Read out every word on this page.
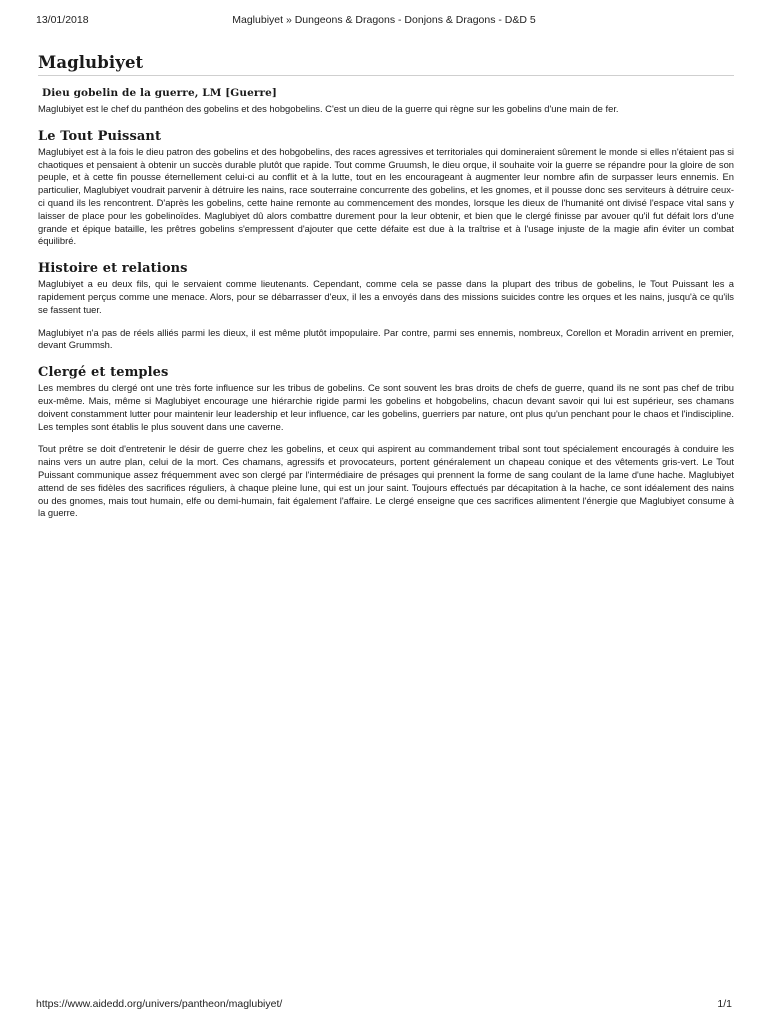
13/01/2018	Maglubiyet » Dungeons & Dragons - Donjons & Dragons - D&D 5
Maglubiyet
Dieu gobelin de la guerre, LM [Guerre]

Maglubiyet est le chef du panthéon des gobelins et des hobgobelins. C'est un dieu de la guerre qui règne sur les gobelins d'une main de fer.

Le Tout Puissant

Maglubiyet est à la fois le dieu patron des gobelins et des hobgobelins, des races agressives et territoriales qui domineraient sûrement le monde si elles n'étaient pas si chaotiques et pensaient à obtenir un succès durable plutôt que rapide. Tout comme Gruumsh, le dieu orque, il souhaite voir la guerre se répandre pour la gloire de son peuple, et à cette fin pousse éternellement celui-ci au conflit et à la lutte, tout en les encourageant à augmenter leur nombre afin de surpasser leurs ennemis. En particulier, Maglubiyet voudrait parvenir à détruire les nains, race souterraine concurrente des gobelins, et les gnomes, et il pousse donc ses serviteurs à détruire ceux-ci quand ils les rencontrent. D'après les gobelins, cette haine remonte au commencement des mondes, lorsque les dieux de l'humanité ont divisé l'espace vital sans y laisser de place pour les gobelinoïdes. Maglubiyet dû alors combattre durement pour la leur obtenir, et bien que le clergé finisse par avouer qu'il fut défait lors d'une grande et épique bataille, les prêtres gobelins s'empressent d'ajouter que cette défaite est due à la traîtrise et à l'usage injuste de la magie afin éviter un combat équilibré.

Histoire et relations

Maglubiyet a eu deux fils, qui le servaient comme lieutenants. Cependant, comme cela se passe dans la plupart des tribus de gobelins, le Tout Puissant les a rapidement perçus comme une menace. Alors, pour se débarrasser d'eux, il les a envoyés dans des missions suicides contre les orques et les nains, jusqu'à ce qu'ils se fassent tuer.

Maglubiyet n'a pas de réels alliés parmi les dieux, il est même plutôt impopulaire. Par contre, parmi ses ennemis, nombreux, Corellon et Moradin arrivent en premier, devant Grummsh.

Clergé et temples

Les membres du clergé ont une très forte influence sur les tribus de gobelins. Ce sont souvent les bras droits de chefs de guerre, quand ils ne sont pas chef de tribu eux-même. Mais, même si Maglubiyet encourage une hiérarchie rigide parmi les gobelins et hobgobelins, chacun devant savoir qui lui est supérieur, ses chamans doivent constamment lutter pour maintenir leur leadership et leur influence, car les gobelins, guerriers par nature, ont plus qu'un penchant pour le chaos et l'indiscipline. Les temples sont établis le plus souvent dans une caverne.

Tout prêtre se doit d'entretenir le désir de guerre chez les gobelins, et ceux qui aspirent au commandement tribal sont tout spécialement encouragés à conduire les nains vers un autre plan, celui de la mort. Ces chamans, agressifs et provocateurs, portent généralement un chapeau conique et des vêtements gris-vert. Le Tout Puissant communique assez fréquemment avec son clergé par l'intermédiaire de présages qui prennent la forme de sang coulant de la lame d'une hache. Maglubiyet attend de ses fidèles des sacrifices réguliers, à chaque pleine lune, qui est un jour saint. Toujours effectués par décapitation à la hache, ce sont idéalement des nains ou des gnomes, mais tout humain, elfe ou demi-humain, fait également l'affaire. Le clergé enseigne que ces sacrifices alimentent l'énergie que Maglubiyet consume à la guerre.

https://www.aidedd.org/univers/pantheon/maglubiyet/	1/1
